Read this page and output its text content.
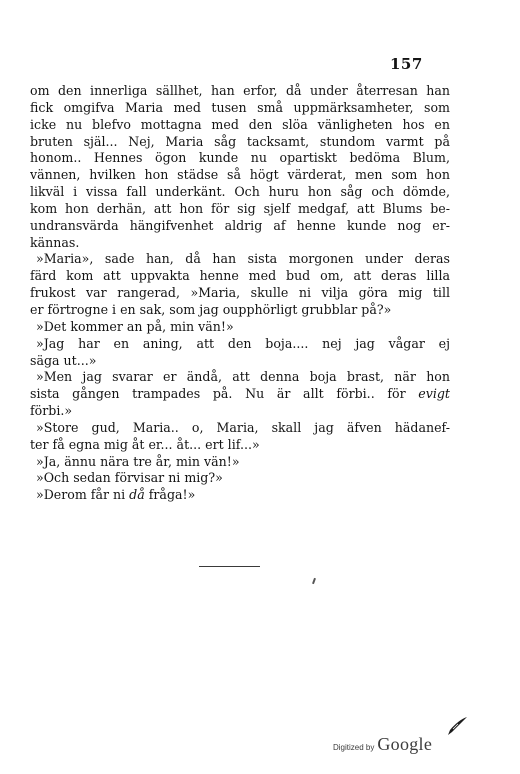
157
om den innerliga sällhet, han erfor, då under återresan han
fick omgifva Maria med tusen små uppmärksamheter, som
icke nu blefvo mottagna med den slöa vänligheten hos en
bruten själ... Nej, Maria såg tacksamt, stundom varmt på
honom.. Hennes ögon kunde nu opartiskt bedöma Blum,
vännen, hvilken hon städse så högt värderat, men som hon
likväl i vissa fall underkänt. Och huru hon såg och dömde,
kom hon derhän, att hon för sig sjelf medgaf, att Blums be-
undransvärda hängifvenhet aldrig af henne kunde nog er-
kännas.
»Maria», sade han, då han sista morgonen under deras
färd kom att uppvakta henne med bud om, att deras lilla
frukost var rangerad, »Maria, skulle ni vilja göra mig till
er förtrogne i en sak, som jag oupphörligt grubblar på?»
»Det kommer an på, min vän!»
»Jag har en aning, att den boja.... nej jag vågar ej
säga ut...»
»Men jag svarar er ändå, att denna boja brast, när hon
sista gången trampades på. Nu är allt förbi.. för evigt
förbi.»
»Store gud, Maria.. o, Maria, skall jag äfven hädanef-
ter få egna mig åt er... åt... ert lif...»
»Ja, ännu nära tre år, min vän!»
»Och sedan förvisar ni mig?»
»Derom får ni då fråga!»
Digitized by Google
